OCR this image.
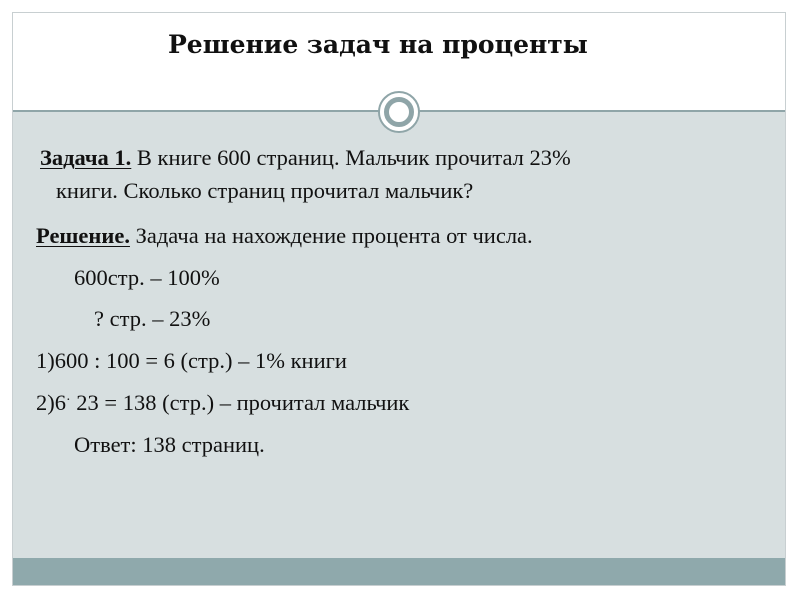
Решение задач на проценты
Задача 1. В книге 600 страниц. Мальчик прочитал 23%
книги. Сколько страниц прочитал мальчик?
Решение. Задача на нахождение процента от числа.
600стр. – 100%
? стр. – 23%
1)600 : 100 = 6 (стр.) – 1% книги
2)6· 23 = 138 (стр.) – прочитал мальчик
Ответ: 138 страниц.
